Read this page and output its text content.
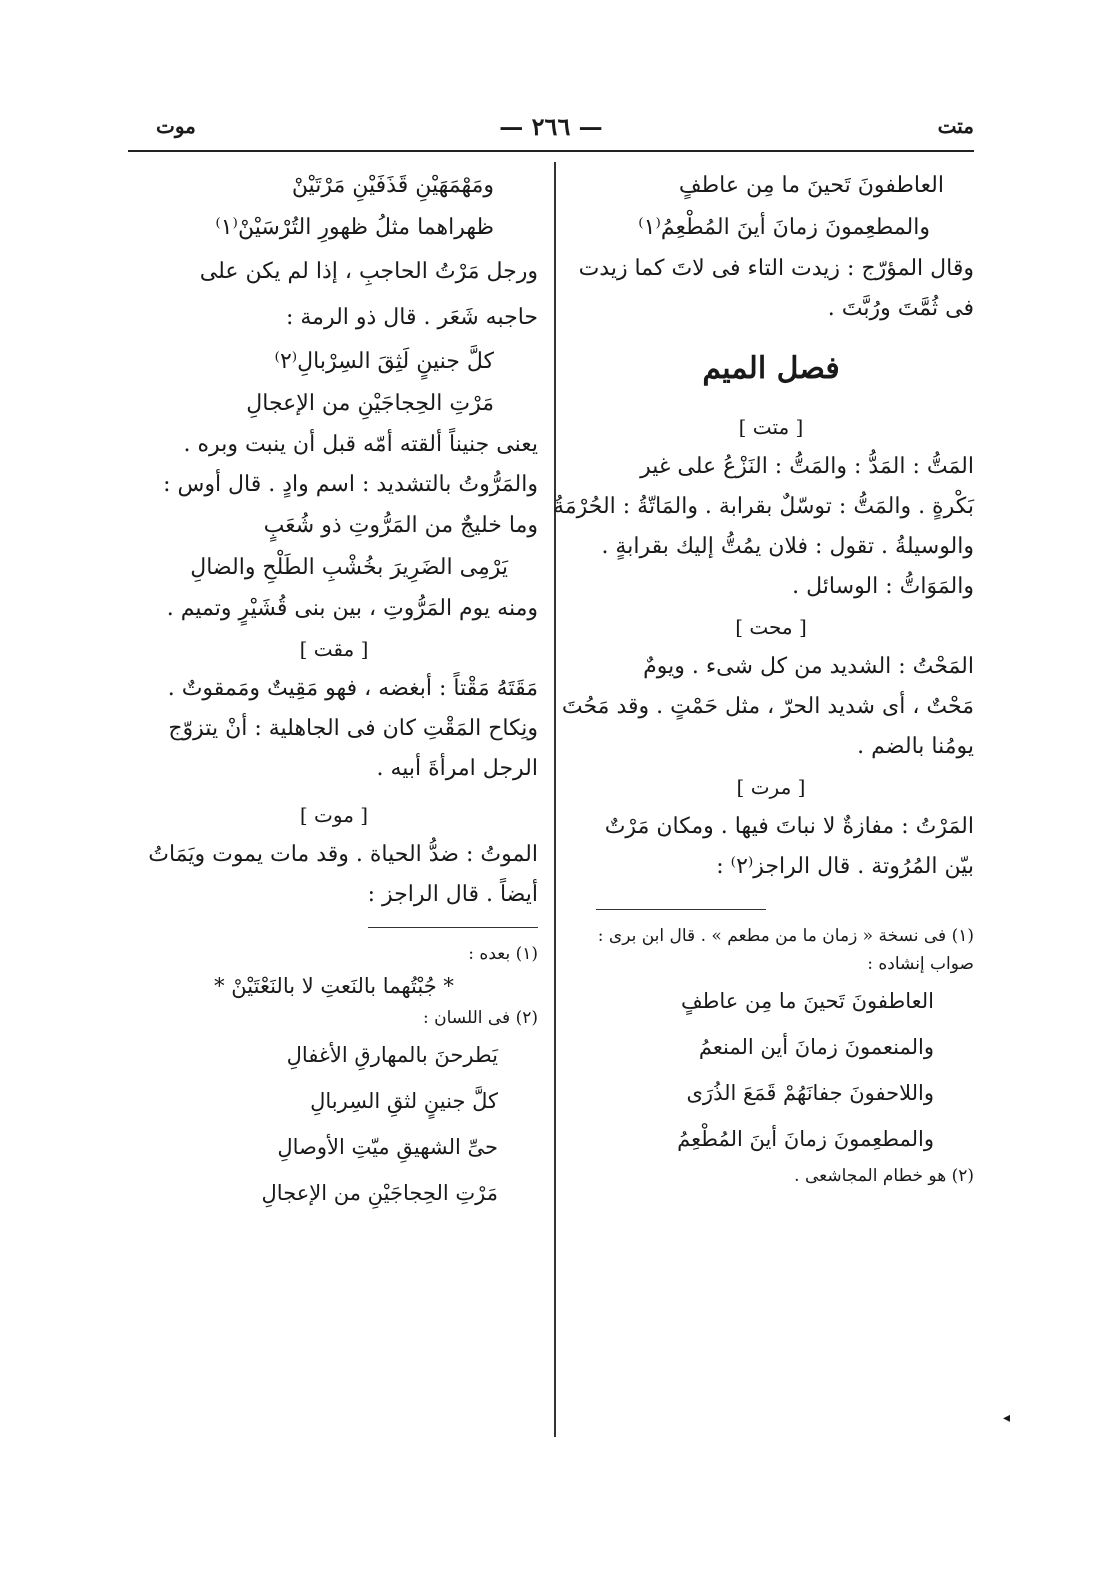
متت
— ٢٦٦ —
موت
العاطفونَ تَحينَ ما مِن عاطفٍ
والمطعِمونَ زمانَ أينَ المُطْعِمُ⁽١⁾
وقال المؤرّج : زيدت التاء فى لاتَ كما زيدت
فى ثُمَّتَ ورُبَّتَ .
فصل الميم
[ متت ]
المَتُّ : المَدُّ : والمَتُّ : النَزْعُ على غير
بَكْرةٍ . والمَتُّ : توسّلٌ بقرابة . والمَاتّةُ : الحُرْمَةُ
والوسيلةُ . تقول : فلان يمُتُّ إليك بقرابةٍ .
والمَوَاتُّ : الوسائل .
[ محت ]
المَحْتُ : الشديد من كل شىء . ويومٌ
مَحْتٌ ، أى شديد الحرّ ، مثل حَمْتٍ . وقد مَحُتَ
يومُنا بالضم .
[ مرت ]
المَرْتُ : مفازةٌ لا نباتَ فيها . ومكان مَرْتٌ
بيّن المُرُوتة . قال الراجز⁽٢⁾ :
(١) فى نسخة « زمان ما من مطعم » . قال ابن برى :
صواب إنشاده :
العاطفونَ تَحينَ ما مِن عاطفٍ
والمنعمونَ زمانَ أين المنعمُ
واللاحفونَ جفانَهُمْ قَمَعَ الذُرَى
والمطعِمونَ زمانَ أينَ المُطْعِمُ
(٢) هو خطام المجاشعى .
ومَهْمَهَيْنِ قَذَفَيْنِ مَرْتَيْنْ
ظهراهما مثلُ ظهورِ التُرْسَيْنْ⁽١⁾
ورجل مَرْتُ الحاجبِ ، إذا لم يكن على
حاجبه شَعَر . قال ذو الرمة :
كلَّ جنينٍ لَثِقَ السِرْبالِ⁽٢⁾
مَرْتِ الحِجاجَيْنِ من الإعجالِ
يعنى جنيناً ألقته أمّه قبل أن ينبت وبره .
والمَرُّوتُ بالتشديد : اسم وادٍ . قال أوس :
وما خليجٌ من المَرُّوتِ ذو شُعَبٍ
يَرْمِى الضَرِيرَ بخُشْبِ الطَلْحِ والضالِ
ومنه يوم المَرُّوتِ ، بين بنى قُشَيْرٍ وتميم .
[ مقت ]
مَقَتَهُ مَقْتاً : أبغضه ، فهو مَقِيتٌ ومَمقوتٌ .
ونِكاح المَقْتِ كان فى الجاهلية : أنْ يتزوّج
الرجل امرأةَ أبيه .
[ موت ]
الموتُ : ضدُّ الحياة . وقد مات يموت ويَمَاتُ
أيضاً . قال الراجز :
(١) بعده :
* جُبْتُهما بالنَعتِ لا بالنَعْتَيْنْ *
(٢) فى اللسان :
يَطرحنَ بالمهارقِ الأغفالِ
كلَّ جنينٍ لثقِ السِربالِ
حىِّ الشهيقِ ميّتِ الأوصالِ
مَرْتِ الحِجاجَيْنِ من الإعجالِ
◂
